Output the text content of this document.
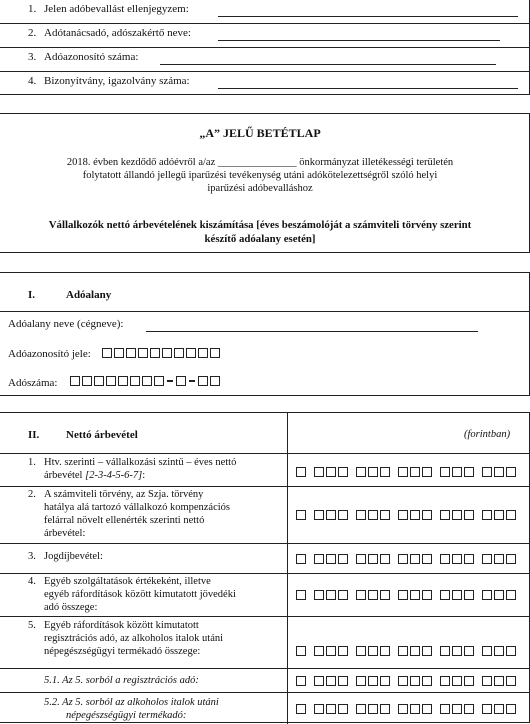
1. Jelen adóbevallást ellenjegyzem:
2. Adótanácsadó, adószakértő neve:
3. Adóazonosító száma:
4. Bizonyítvány, igazolvány száma:
„A” JELŰ BETÉTLAP
2018. évben kezdődő adóévről a/az _______________ önkormányzat illetékességi területén
folytatott állandó jellegű iparűzési tevékenység utáni adókötelezettségről szóló helyi
iparűzési adóbevalláshoz
Vállalkozók nettó árbevételének kiszámítása [éves beszámolóját a számviteli törvény szerint
készítő adóalany esetén]
I.	Adóalany
Adóalany neve (cégneve):
Adóazonosító jele:
Adószáma:
II. Nettó árbevétel	(forintban)
1. Htv. szerinti – vállalkozási szintű – éves nettó
árbevétel [2-3-4-5-6-7]:
2. A számviteli törvény, az Szja. törvény
hatálya alá tartozó vállalkozó kompenzációs
felárral növelt ellenérték szerinti nettó
árbevétel:
3. Jogdíjbevétel:
4. Egyéb szolgáltatások értékeként, illetve
egyéb ráfordítások között kimutatott jövedéki
adó összege:
5. Egyéb ráfordítások között kimutatott
regisztrációs adó, az alkoholos italok utáni
népegészségügyi termékadó összege:
5.1. Az 5. sorból a regisztrációs adó:
5.2. Az 5. sorból az alkoholos italok utáni
népegészségügyi termékadó:
